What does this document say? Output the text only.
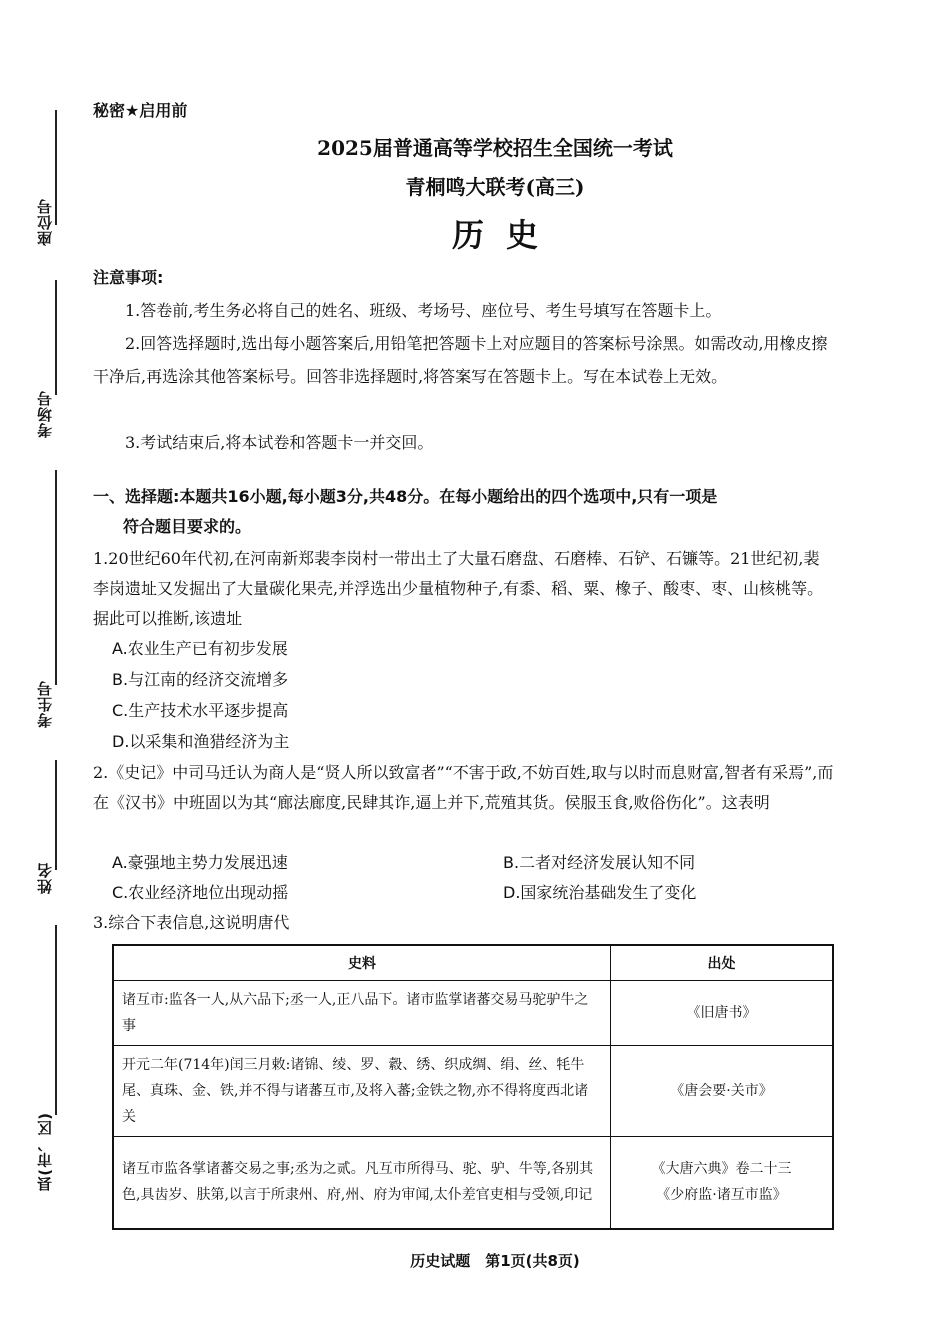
座位号
考场号
考生号
姓名
县(市、区)
秘密★启用前
2025届普通高等学校招生全国统一考试
青桐鸣大联考(高三)
历史
注意事项:
1.答卷前,考生务必将自己的姓名、班级、考场号、座位号、考生号填写在答题卡上。
2.回答选择题时,选出每小题答案后,用铅笔把答题卡上对应题目的答案标号涂黑。如需改动,用橡皮擦干净后,再选涂其他答案标号。回答非选择题时,将答案写在答题卡上。写在本试卷上无效。
3.考试结束后,将本试卷和答题卡一并交回。
一、选择题:本题共16小题,每小题3分,共48分。在每小题给出的四个选项中,只有一项是
符合题目要求的。
1.20世纪60年代初,在河南新郑裴李岗村一带出土了大量石磨盘、石磨棒、石铲、石镰等。21世纪初,裴李岗遗址又发掘出了大量碳化果壳,并浮选出少量植物种子,有黍、稻、粟、橡子、酸枣、枣、山核桃等。据此可以推断,该遗址
A.农业生产已有初步发展
B.与江南的经济交流增多
C.生产技术水平逐步提高
D.以采集和渔猎经济为主
2.《史记》中司马迁认为商人是“贤人所以致富者”“不害于政,不妨百姓,取与以时而息财富,智者有采焉”,而在《汉书》中班固以为其“廊法廊度,民肆其诈,逼上并下,荒殖其货。侯服玉食,败俗伤化”。这表明
A.豪强地主势力发展迅速	B.二者对经济发展认知不同
C.农业经济地位出现动摇	D.国家统治基础发生了变化
3.综合下表信息,这说明唐代
史料	出处
诸互市:监各一人,从六品下;丞一人,正八品下。诸市监掌诸蕃交易马驼驴牛之事	《旧唐书》
开元二年(714年)闰三月敕:诸锦、绫、罗、縠、绣、织成绸、绢、丝、牦牛尾、真珠、金、铁,并不得与诸蕃互市,及将入蕃;金铁之物,亦不得将度西北诸关	《唐会要·关市》
诸互市监各掌诸蕃交易之事;丞为之贰。凡互市所得马、驼、驴、牛等,各别其色,具齿岁、肤第,以言于所隶州、府,州、府为审闻,太仆差官吏相与受领,印记	《大唐六典》卷二十三
《少府监·诸互市监》
历史试题　第1页(共8页)
